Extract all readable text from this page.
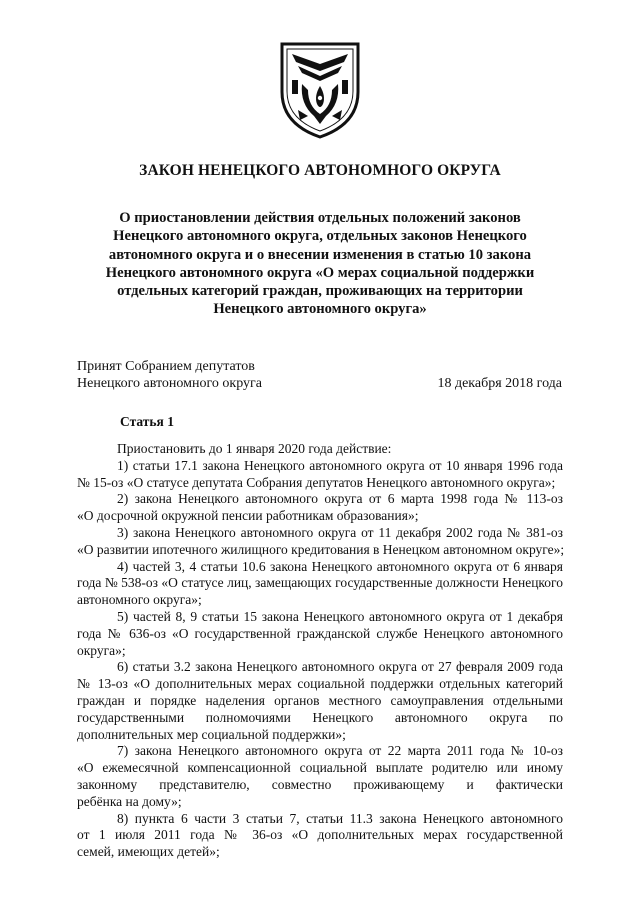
ЗАКОН НЕНЕЦКОГО АВТОНОМНОГО ОКРУГА
О приостановлении действия отдельных положений законов
Ненецкого автономного округа, отдельных законов Ненецкого
автономного округа и о внесении изменения в статью 10 закона
Ненецкого автономного округа «О мерах социальной поддержки
отдельных категорий граждан, проживающих на территории
Ненецкого автономного округа»
Принят Собранием депутатов
Ненецкого автономного округа	18 декабря 2018 года
Статья 1
Приостановить до 1 января 2020 года действие:
1) статьи 17.1 закона Ненецкого автономного округа от 10 января 1996 года
№ 15-оз «О статусе депутата Собрания депутатов Ненецкого автономного округа»;
2) закона Ненецкого автономного округа от 6 марта 1998 года № 113-оз
«О досрочной окружной пенсии работникам образования»;
3) закона Ненецкого автономного округа от 11 декабря 2002 года № 381-оз
«О развитии ипотечного жилищного кредитования в Ненецком автономном округе»;
4) частей 3, 4 статьи 10.6 закона Ненецкого автономного округа от 6 января
года № 538-оз «О статусе лиц, замещающих государственные должности Ненецкого
автономного округа»;
5) частей 8, 9 статьи 15 закона Ненецкого автономного округа от 1 декабря
года № 636-оз «О государственной гражданской службе Ненецкого автономного
округа»;
6) статьи 3.2 закона Ненецкого автономного округа от 27 февраля 2009 года
№ 13-оз «О дополнительных мерах социальной поддержки отдельных категорий
граждан и порядке наделения органов местного самоуправления отдельными
государственными полномочиями Ненецкого автономного округа по
дополнительных мер социальной поддержки»;
7) закона Ненецкого автономного округа от 22 марта 2011 года № 10-оз
«О ежемесячной компенсационной социальной выплате родителю или иному
законному представителю, совместно проживающему и фактически
ребёнка на дому»;
8) пункта 6 части 3 статьи 7, статьи 11.3 закона Ненецкого автономного
от 1 июля 2011 года № 36-оз «О дополнительных мерах государственной
семей, имеющих детей»;
